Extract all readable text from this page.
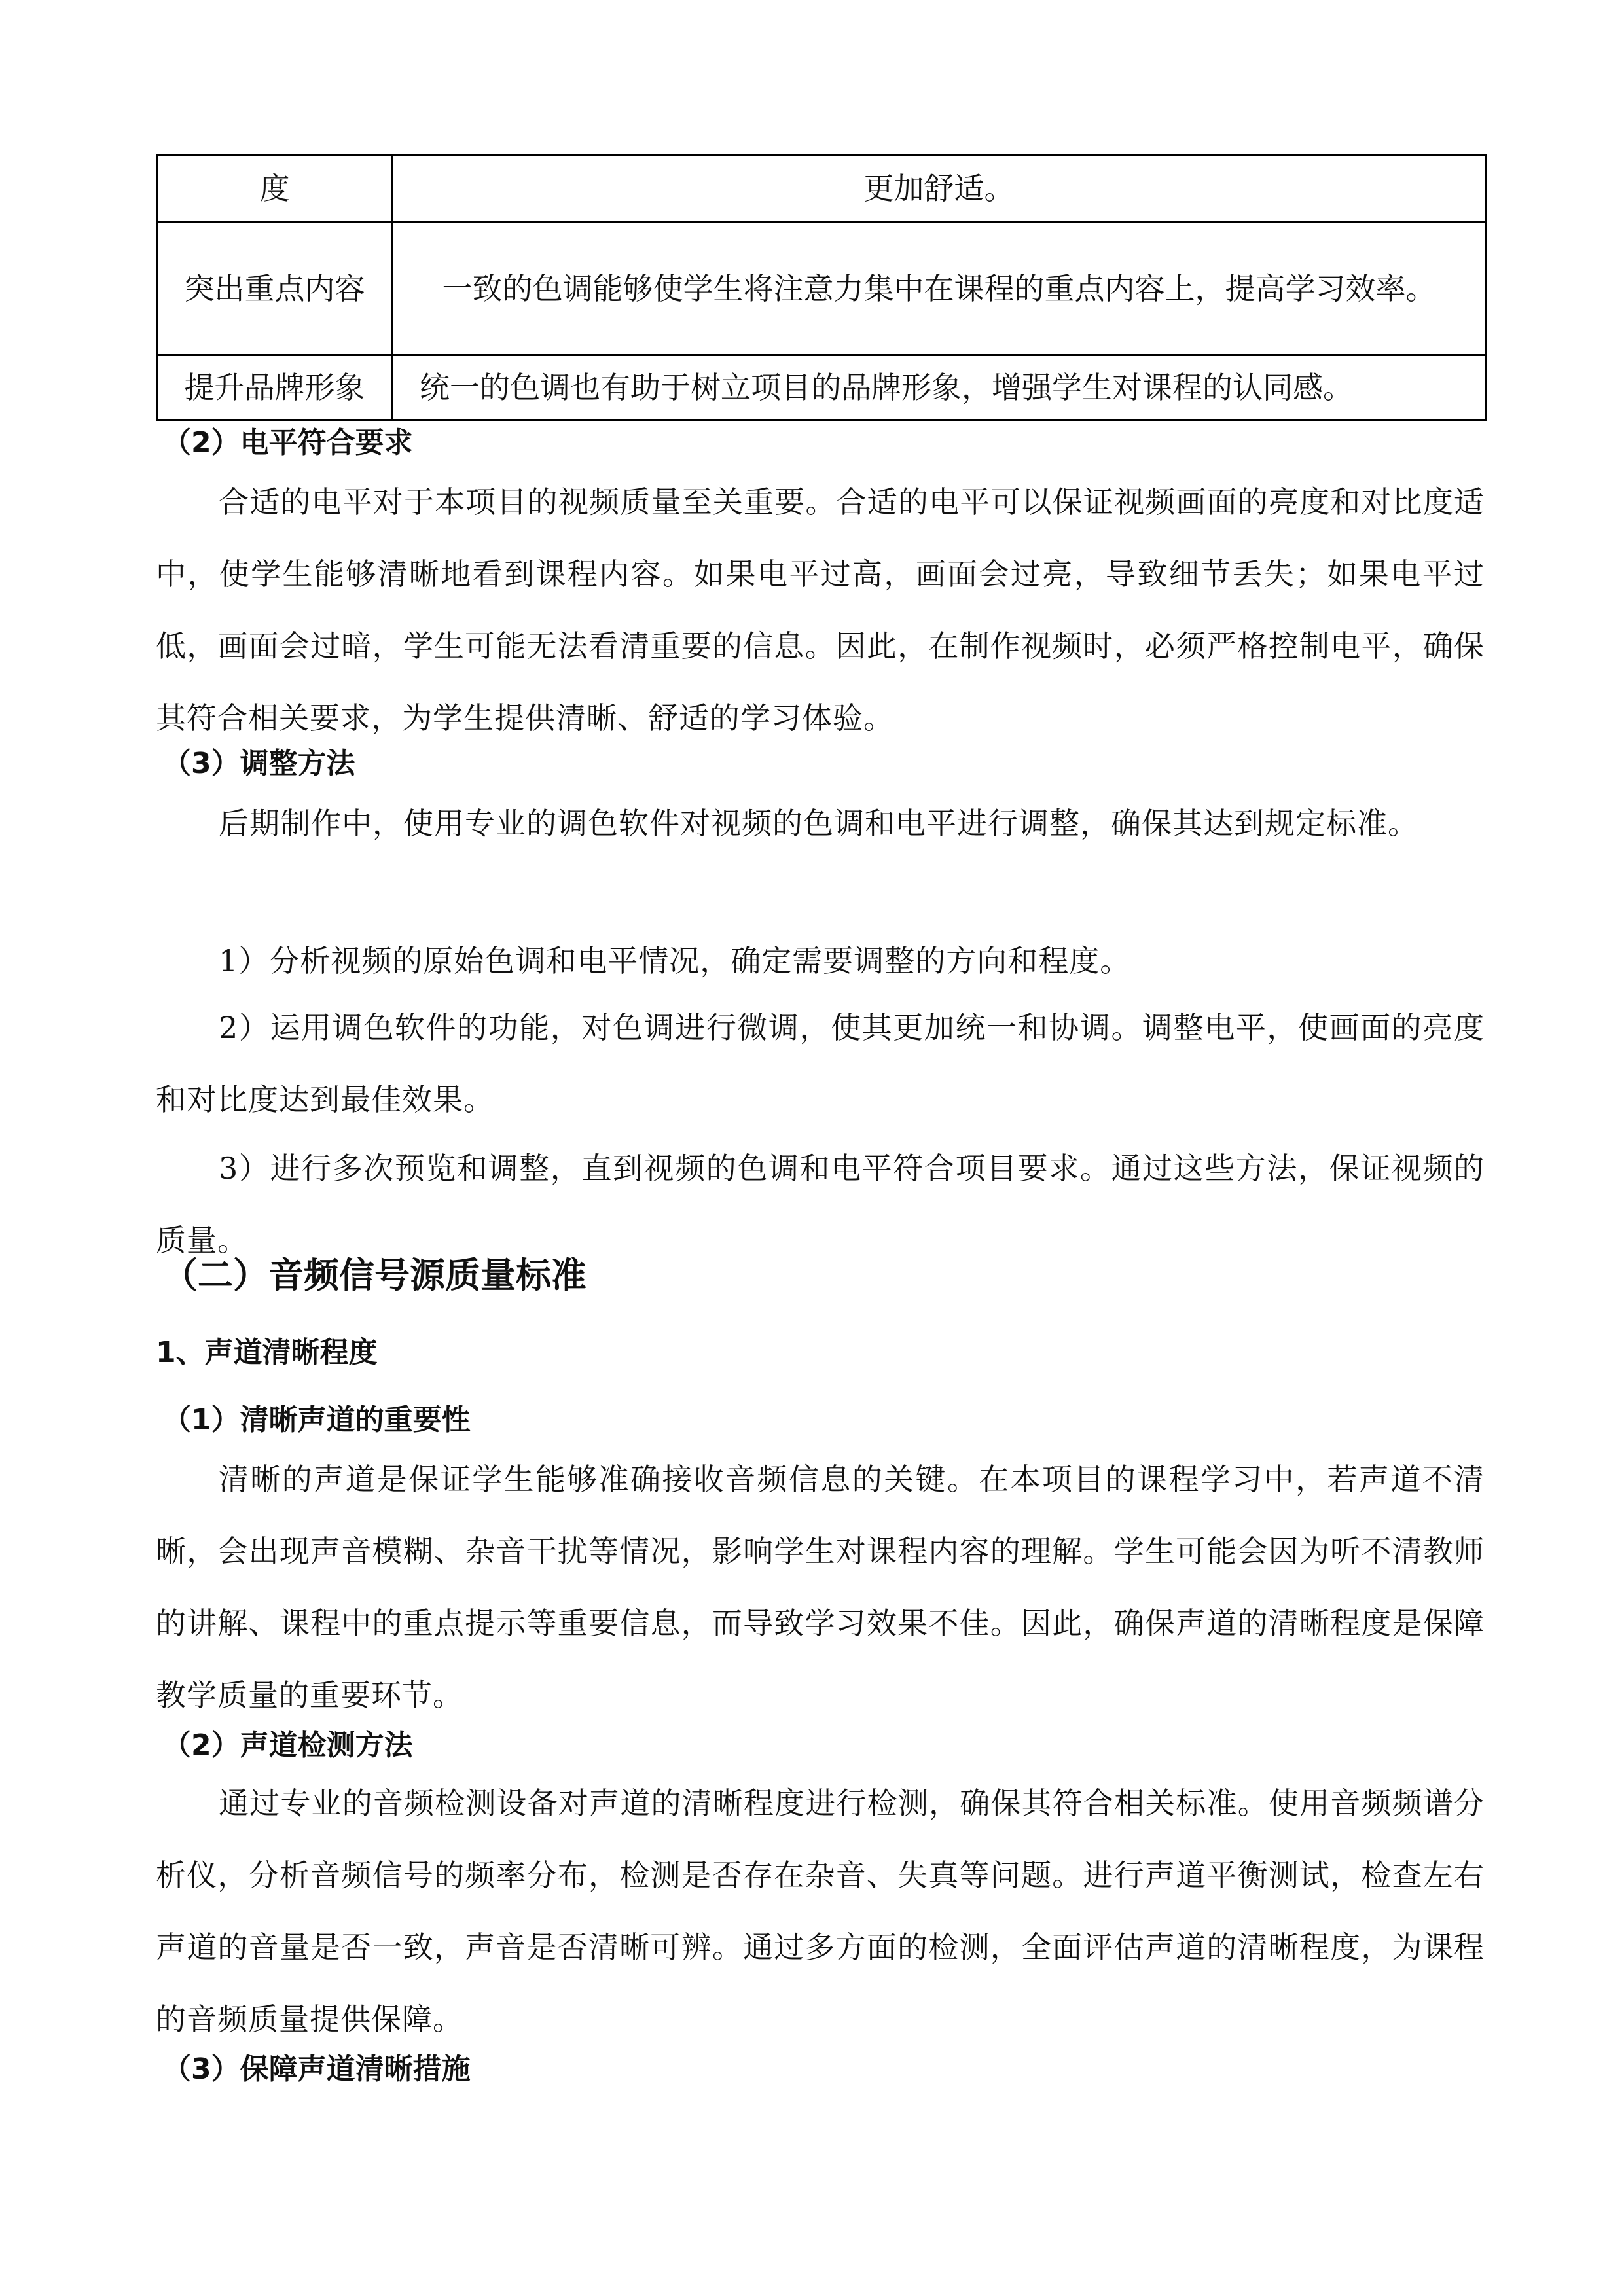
度	更加舒适。
突出重点内容	一致的色调能够使学生将注意力集中在课程的重点内容上，提高学习效率。
提升品牌形象	统一的色调也有助于树立项目的品牌形象，增强学生对课程的认同感。
（2）电平符合要求
合适的电平对于本项目的视频质量至关重要。合适的电平可以保证视频画面的亮度和对比度适中，使学生能够清晰地看到课程内容。如果电平过高，画面会过亮，导致细节丢失；如果电平过低，画面会过暗，学生可能无法看清重要的信息。因此，在制作视频时，必须严格控制电平，确保其符合相关要求，为学生提供清晰、舒适的学习体验。
（3）调整方法
后期制作中，使用专业的调色软件对视频的色调和电平进行调整，确保其达到规定标准。
1）分析视频的原始色调和电平情况，确定需要调整的方向和程度。
2）运用调色软件的功能，对色调进行微调，使其更加统一和协调。调整电平，使画面的亮度和对比度达到最佳效果。
3）进行多次预览和调整，直到视频的色调和电平符合项目要求。通过这些方法，保证视频的质量。
（二）音频信号源质量标准
1、声道清晰程度
（1）清晰声道的重要性
清晰的声道是保证学生能够准确接收音频信息的关键。在本项目的课程学习中，若声道不清晰，会出现声音模糊、杂音干扰等情况，影响学生对课程内容的理解。学生可能会因为听不清教师的讲解、课程中的重点提示等重要信息，而导致学习效果不佳。因此，确保声道的清晰程度是保障教学质量的重要环节。
（2）声道检测方法
通过专业的音频检测设备对声道的清晰程度进行检测，确保其符合相关标准。使用音频频谱分析仪，分析音频信号的频率分布，检测是否存在杂音、失真等问题。进行声道平衡测试，检查左右声道的音量是否一致，声音是否清晰可辨。通过多方面的检测，全面评估声道的清晰程度，为课程的音频质量提供保障。
（3）保障声道清晰措施
